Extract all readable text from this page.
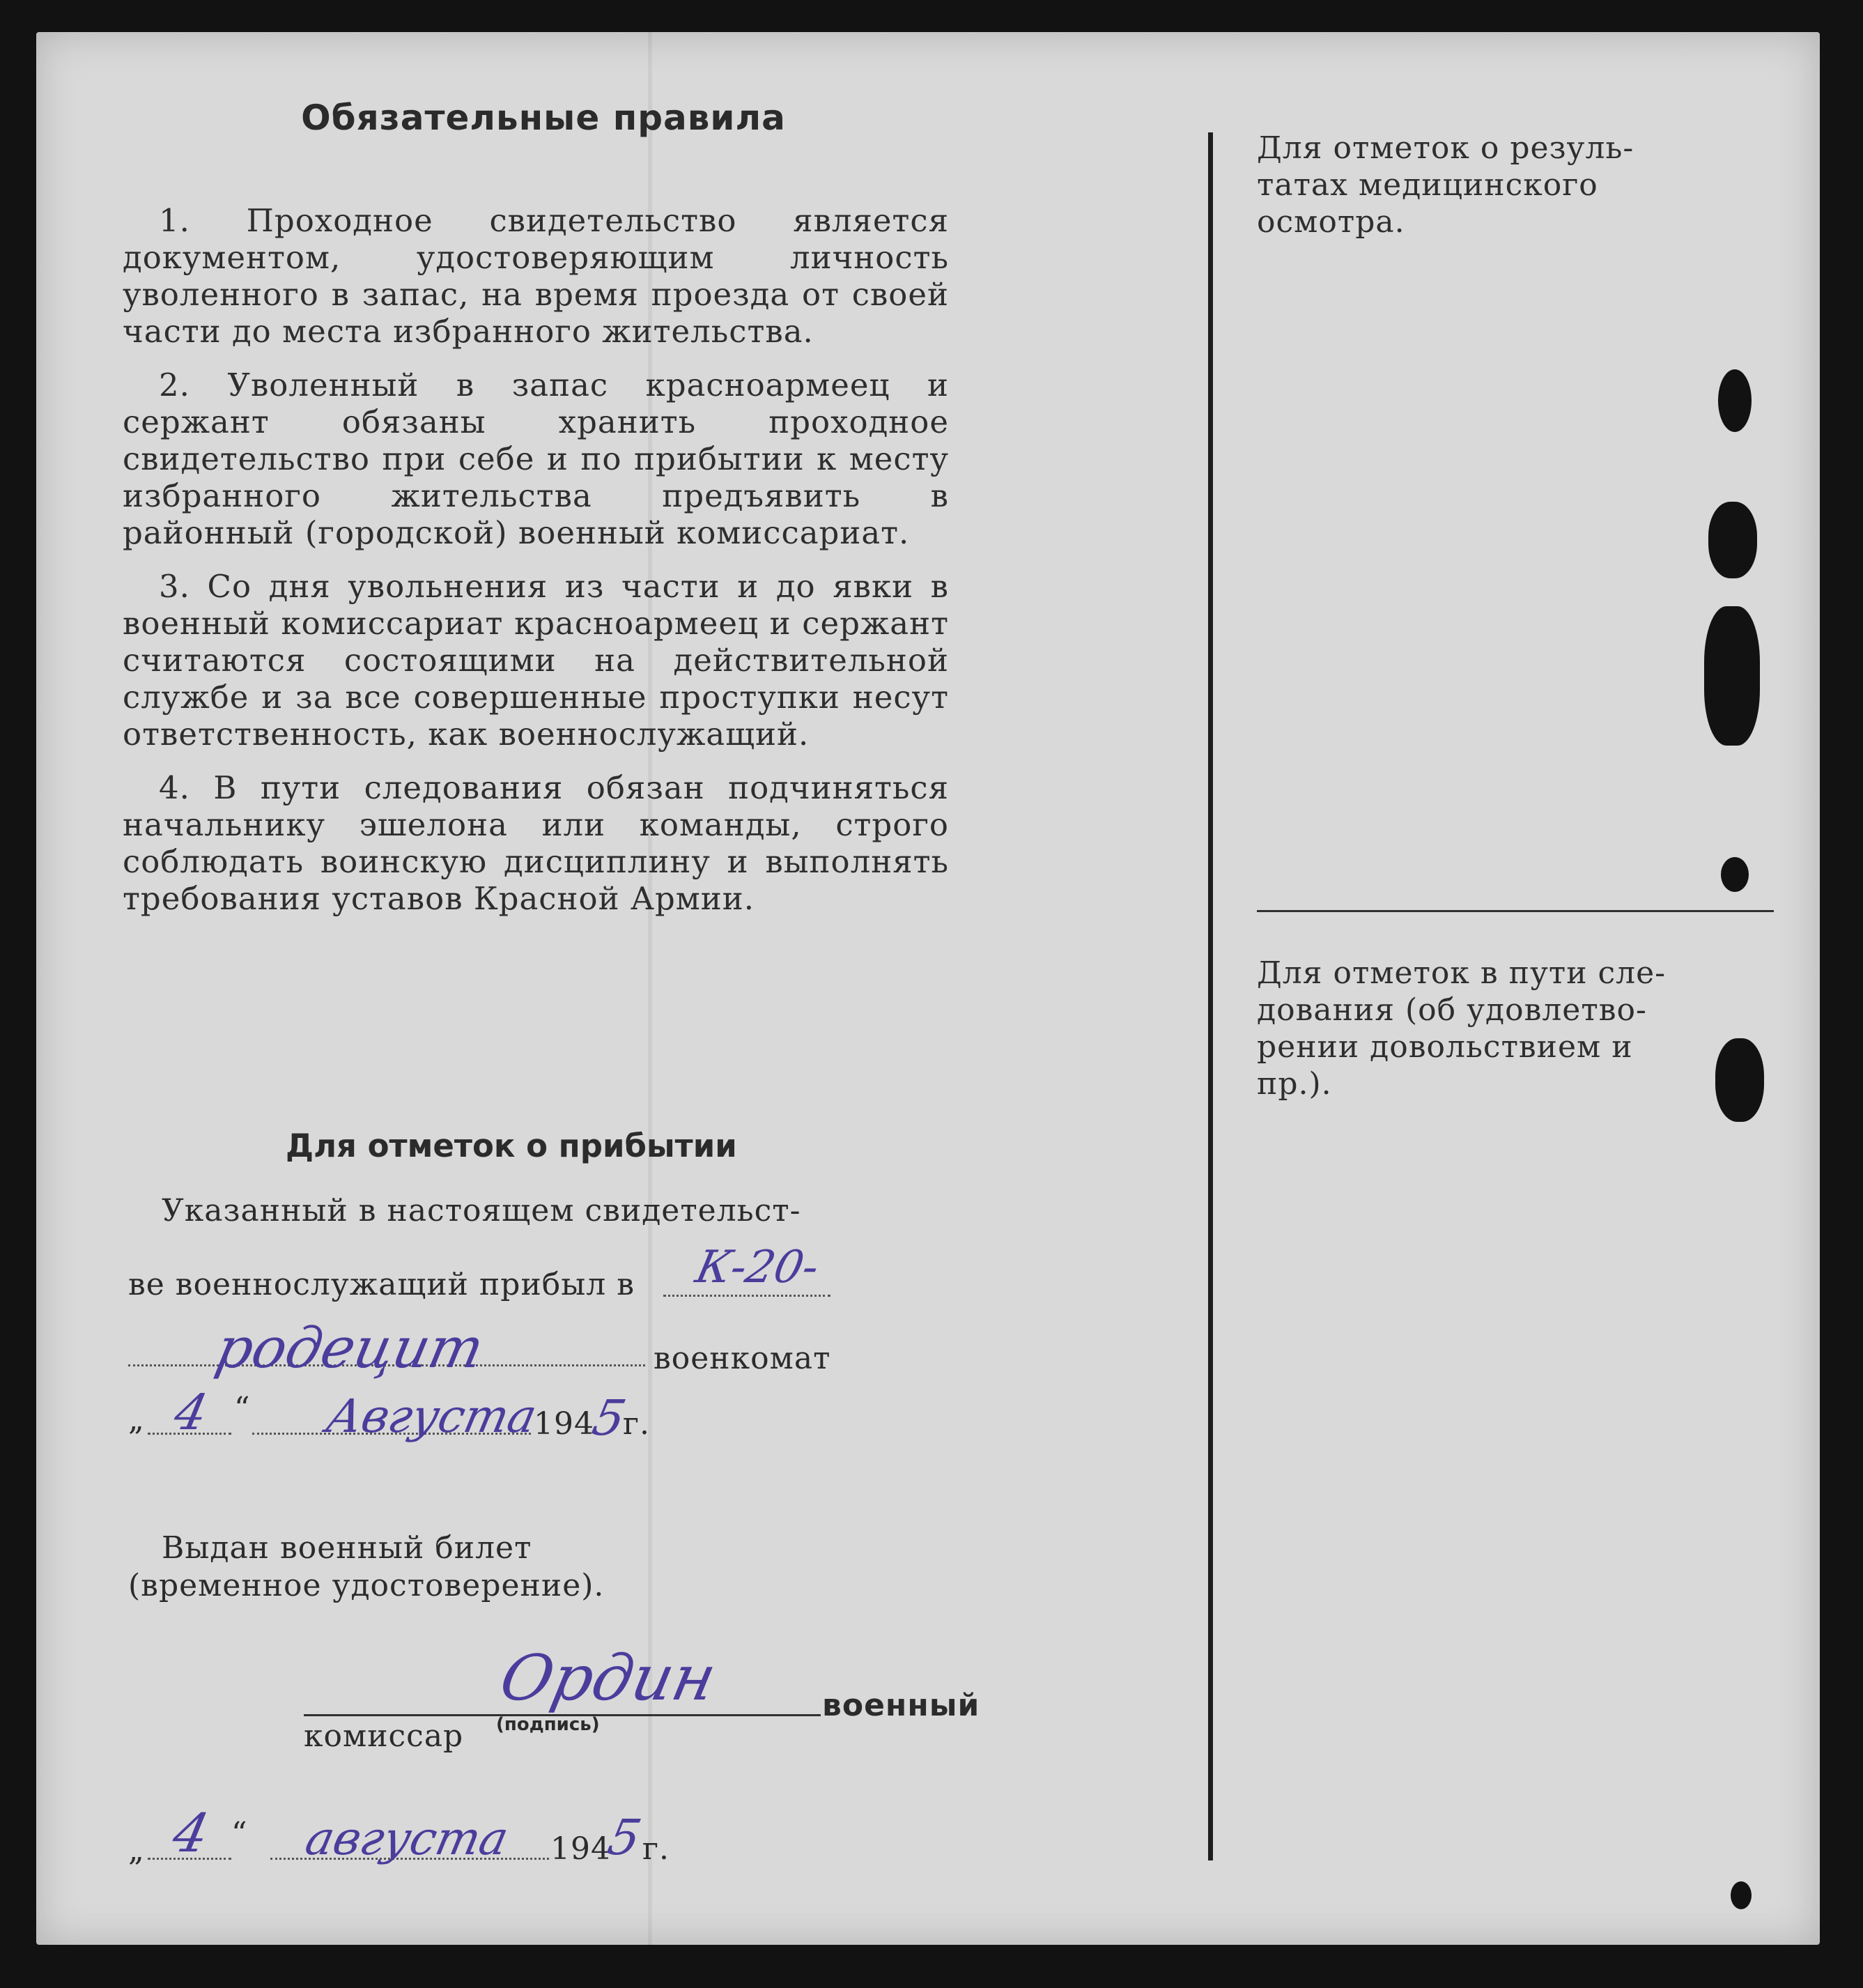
Обязательные правила

1. Проходное свидетельство является документом, удостоверяющим личность уволенного в запас, на время проезда от своей части до места избранного жительства.

2. Уволенный в запас красноармеец и сержант обязаны хранить проходное свидетельство при себе и по прибытии к месту избранного жительства предъявить в районный (городской) военный комиссариат.

3. Со дня увольнения из части и до явки в военный комиссариат красноармеец и сержант считаются состоящими на действительной службе и за все совершенные проступки несут ответственность, как военнослужащий.

4. В пути следования обязан подчиняться начальнику эшелона или команды, строго соблюдать воинскую дисциплину и выполнять требования уставов Красной Армии.

Для отметок о резуль-
татах медицинского
осмотра.

Для отметок в пути сле-
дования (об удовлетво-
рении довольствием и
пр.).

Для отметок о прибытии
Указанный в настоящем свидетельст-
ве военнослужащий прибыл в К-20-
родецит	военкомат
„ 4 “ Августа
194
5
г.
Выдан военный билет
(временное удостоверение).
Ордин	военный
комиссар (подпись)
„ 4 “ августа 194
5
г.
